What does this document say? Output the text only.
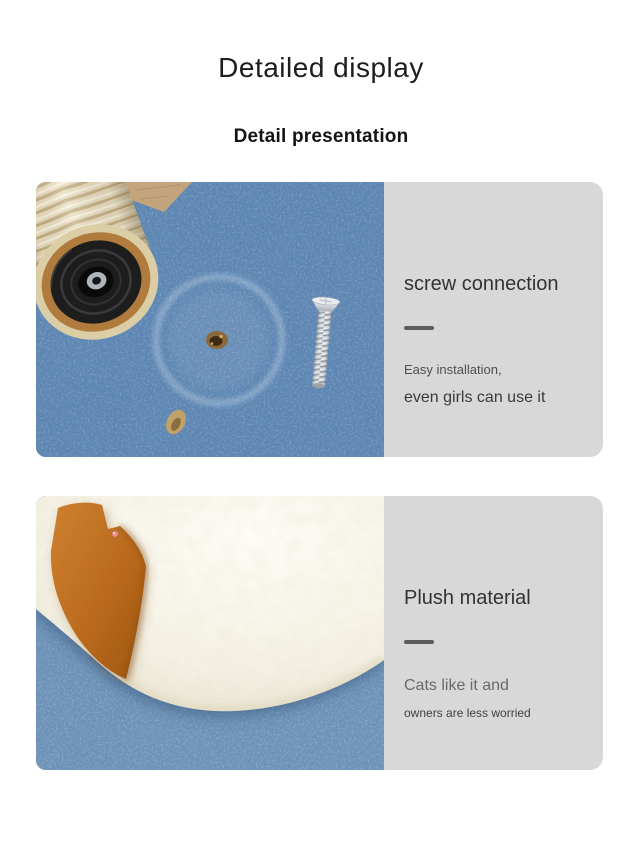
Detailed display
Detail presentation
screw connection
Easy installation,
even girls can use it
Plush material
Cats like it and
owners are less worried
